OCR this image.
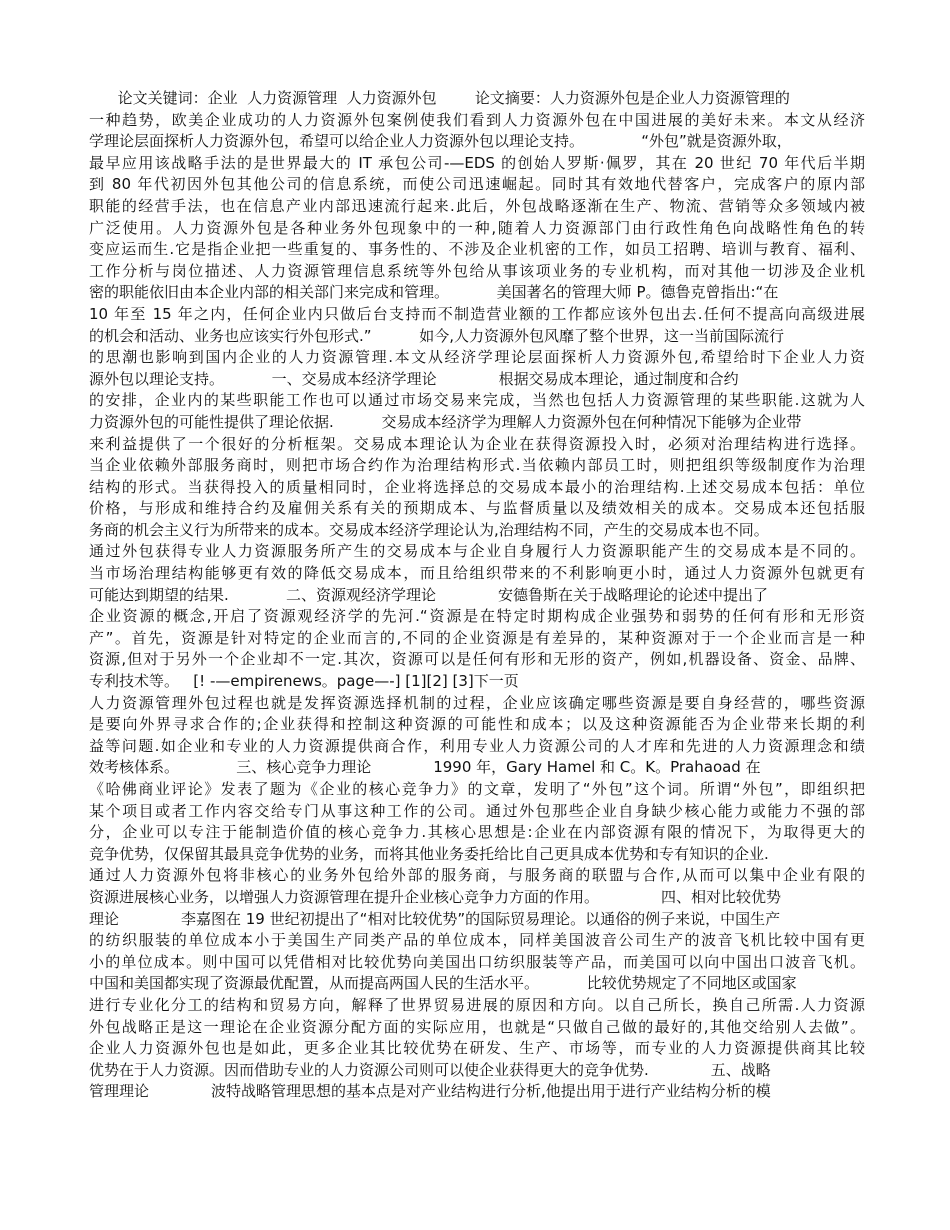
论文关键词：企业  人力资源管理  人力资源外包        论文摘要：人力资源外包是企业人力资源管理的
一种趋势，欧美企业成功的人力资源外包案例使我们看到人力资源外包在中国进展的美好未来。本文从经济
学理论层面探析人力资源外包，希望可以给企业人力资源外包以理论支持。            “外包”就是资源外取，
最早应用该战略手法的是世界最大的 IT 承包公司-—EDS 的创始人罗斯·佩罗，其在 20 世纪 70 年代后半期
到 80 年代初因外包其他公司的信息系统，而使公司迅速崛起。同时其有效地代替客户，完成客户的原内部
职能的经营手法，也在信息产业内部迅速流行起来.此后，外包战略逐渐在生产、物流、营销等众多领域内被
广泛使用。人力资源外包是各种业务外包现象中的一种,随着人力资源部门由行政性角色向战略性角色的转
变应运而生.它是指企业把一些重复的、事务性的、不涉及企业机密的工作，如员工招聘、培训与教育、福利、
工作分析与岗位描述、人力资源管理信息系统等外包给从事该项业务的专业机构，而对其他一切涉及企业机
密的职能依旧由本企业内部的相关部门来完成和管理。          美国著名的管理大师 P。德鲁克曾指出:“在
10 年至 15 年之内，任何企业内只做后台支持而不制造营业额的工作都应该外包出去.任何不提高向高级进展
的机会和活动、业务也应该实行外包形式.”          如今,人力资源外包风靡了整个世界，这一当前国际流行
的思潮也影响到国内企业的人力资源管理.本文从经济学理论层面探析人力资源外包,希望给时下企业人力资
源外包以理论支持。          一、交易成本经济学理论             根据交易成本理论，通过制度和合约
的安排，企业内的某些职能工作也可以通过市场交易来完成，当然也包括人力资源管理的某些职能.这就为人
力资源外包的可能性提供了理论依据.          交易成本经济学为理解人力资源外包在何种情况下能够为企业带
来利益提供了一个很好的分析框架。交易成本理论认为企业在获得资源投入时，必须对治理结构进行选择。
当企业依赖外部服务商时，则把市场合约作为治理结构形式.当依赖内部员工时，则把组织等级制度作为治理
结构的形式。当获得投入的质量相同时，企业将选择总的交易成本最小的治理结构.上述交易成本包括：单位
价格，与形成和维持合约及雇佣关系有关的预期成本、与监督质量以及绩效相关的成本。交易成本还包括服
务商的机会主义行为所带来的成本。交易成本经济学理论认为,治理结构不同，产生的交易成本也不同。
通过外包获得专业人力资源服务所产生的交易成本与企业自身履行人力资源职能产生的交易成本是不同的。
当市场治理结构能够更有效的降低交易成本，而且给组织带来的不利影响更小时，通过人力资源外包就更有
可能达到期望的结果.            二、资源观经济学理论             安德鲁斯在关于战略理论的论述中提出了
企业资源的概念,开启了资源观经济学的先河.“资源是在特定时期构成企业强势和弱势的任何有形和无形资
产”。首先，资源是针对特定的企业而言的,不同的企业资源是有差异的，某种资源对于一个企业而言是一种
资源,但对于另外一个企业却不一定.其次，资源可以是任何有形和无形的资产，例如,机器设备、资金、品牌、
专利技术等。   [! -—empirenews。page—-] [1][2] [3]下一页
人力资源管理外包过程也就是发挥资源选择机制的过程，企业应该确定哪些资源是要自身经营的，哪些资源
是要向外界寻求合作的;企业获得和控制这种资源的可能性和成本；以及这种资源能否为企业带来长期的利
益等问题.如企业和专业的人力资源提供商合作，利用专业人力资源公司的人才库和先进的人力资源理念和绩
效考核体系。            三、核心竞争力理论             1990 年，Gary Hamel 和 C。K。Prahaoad 在
《哈佛商业评论》发表了题为《企业的核心竞争力》的文章，发明了“外包”这个词。所谓“外包”，即组织把
某个项目或者工作内容交给专门从事这种工作的公司。通过外包那些企业自身缺少核心能力或能力不强的部
分，企业可以专注于能制造价值的核心竞争力.其核心思想是:企业在内部资源有限的情况下，为取得更大的
竞争优势，仅保留其最具竞争优势的业务，而将其他业务委托给比自己更具成本优势和专有知识的企业.
通过人力资源外包将非核心的业务外包给外部的服务商，与服务商的联盟与合作,从而可以集中企业有限的
资源进展核心业务，以增强人力资源管理在提升企业核心竞争力方面的作用。             四、相对比较优势
理论             李嘉图在 19 世纪初提出了“相对比较优势”的国际贸易理论。以通俗的例子来说，中国生产
的纺织服装的单位成本小于美国生产同类产品的单位成本，同样美国波音公司生产的波音飞机比较中国有更
小的单位成本。则中国可以凭借相对比较优势向美国出口纺织服装等产品，而美国可以向中国出口波音飞机。
中国和美国都实现了资源最优配置，从而提高两国人民的生活水平。          比较优势规定了不同地区或国家
进行专业化分工的结构和贸易方向，解释了世界贸易进展的原因和方向。以自己所长，换自己所需.人力资源
外包战略正是这一理论在企业资源分配方面的实际应用，也就是“只做自己做的最好的,其他交给别人去做”。
企业人力资源外包也是如此，更多企业其比较优势在研发、生产、市场等，而专业的人力资源提供商其比较
优势在于人力资源。因而借助专业的人力资源公司则可以使企业获得更大的竞争优势.             五、战略
管理理论             波特战略管理思想的基本点是对产业结构进行分析,他提出用于进行产业结构分析的模
